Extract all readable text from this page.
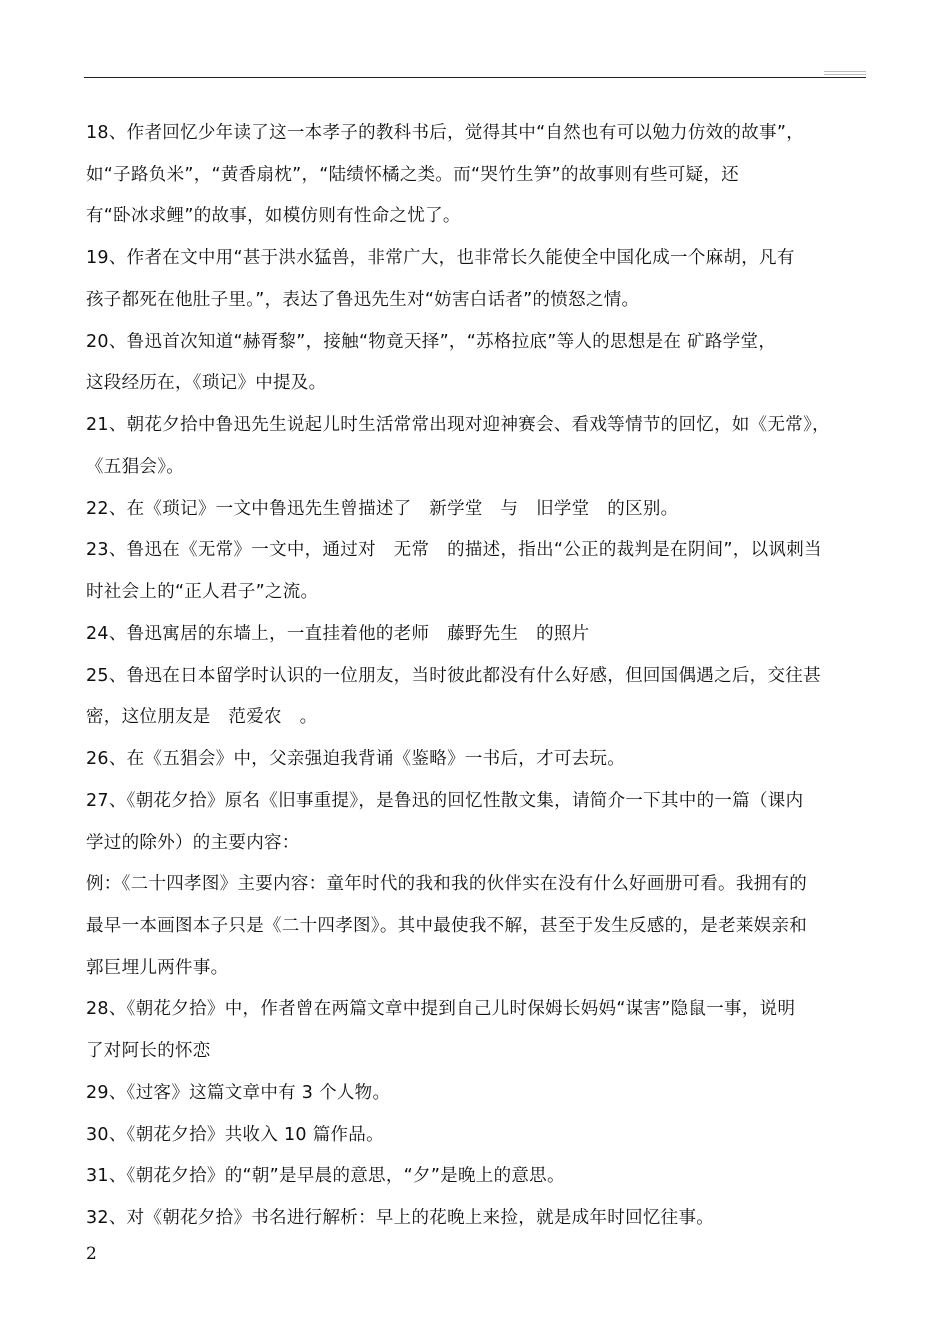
18、作者回忆少年读了这一本孝子的教科书后，觉得其中“自然也有可以勉力仿效的故事”，
如“子路负米”，“黄香扇枕”，“陆绩怀橘之类。而“哭竹生笋”的故事则有些可疑，还
有“卧冰求鲤”的故事，如模仿则有性命之忧了。
19、作者在文中用“甚于洪水猛兽，非常广大，也非常长久能使全中国化成一个麻胡，凡有
孩子都死在他肚子里。”，表达了鲁迅先生对“妨害白话者”的愤怒之情。
20、鲁迅首次知道“赫胥黎”，接触“物竟天择”，“苏格拉底”等人的思想是在 矿路学堂，
这段经历在，《琐记》中提及。
21、朝花夕拾中鲁迅先生说起儿时生活常常出现对迎神赛会、看戏等情节的回忆，如《无常》，
《五猖会》。
22、在《琐记》一文中鲁迅先生曾描述了　新学堂　与　旧学堂　的区别。
23、鲁迅在《无常》一文中，通过对　无常　的描述，指出“公正的裁判是在阴间”，以讽刺当
时社会上的“正人君子”之流。
24、鲁迅寓居的东墙上，一直挂着他的老师　藤野先生　的照片
25、鲁迅在日本留学时认识的一位朋友，当时彼此都没有什么好感，但回国偶遇之后，交往甚
密，这位朋友是　范爱农　。
26、在《五猖会》中，父亲强迫我背诵《鉴略》一书后，才可去玩。
27、《朝花夕拾》原名《旧事重提》，是鲁迅的回忆性散文集，请简介一下其中的一篇（课内
学过的除外）的主要内容：
例：《二十四孝图》主要内容：童年时代的我和我的伙伴实在没有什么好画册可看。我拥有的
最早一本画图本子只是《二十四孝图》。其中最使我不解，甚至于发生反感的，是老莱娱亲和
郭巨埋儿两件事。
28、《朝花夕拾》中，作者曾在两篇文章中提到自己儿时保姆长妈妈“谋害”隐鼠一事，说明
了对阿长的怀恋
29、《过客》这篇文章中有 3 个人物。
30、《朝花夕拾》共收入 10 篇作品。
31、《朝花夕拾》的“朝”是早晨的意思，“夕”是晚上的意思。
32、对《朝花夕拾》书名进行解析：早上的花晚上来捡，就是成年时回忆往事。
2
